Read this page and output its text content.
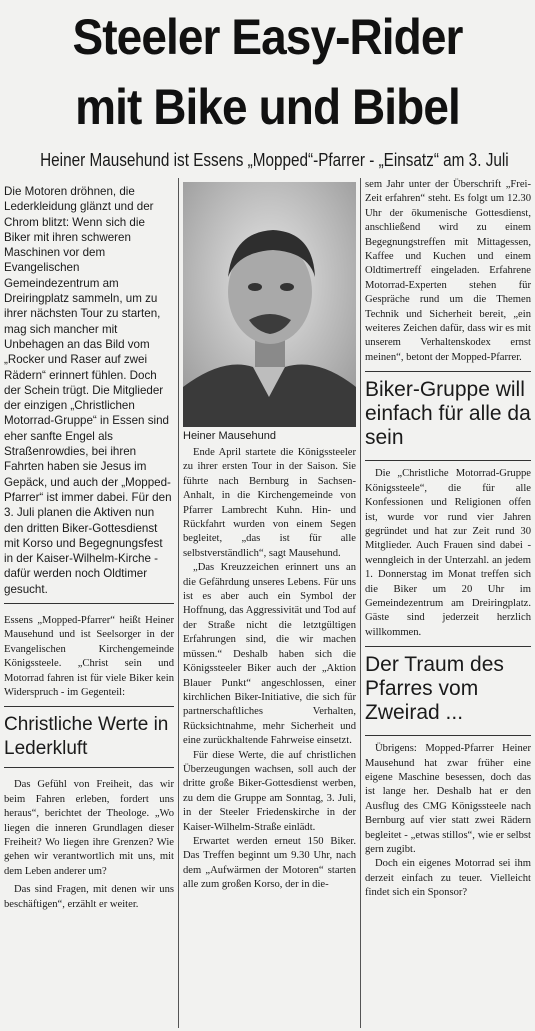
Steeler Easy-Rider
mit Bike und Bibel
Heiner Mausehund ist Essens „Mopped“-Pfarrer - „Einsatz“ am 3. Juli

Die Motoren dröhnen, die Lederkleidung glänzt und der Chrom blitzt: Wenn sich die Biker mit ihren schweren Maschinen vor dem Evangelischen Gemeindezentrum am Dreiringplatz sammeln, um zu ihrer nächsten Tour zu starten, mag sich mancher mit Unbehagen an das Bild vom „Rocker und Raser auf zwei Rädern“ erinnert fühlen. Doch der Schein trügt. Die Mitglieder der einzigen „Christlichen Motorrad-Gruppe“ in Essen sind eher sanfte Engel als Straßenrowdies, bei ihren Fahrten haben sie Jesus im Gepäck, und auch der „Mopped-Pfarrer“ ist immer dabei. Für den 3. Juli planen die Aktiven nun den dritten Biker-Gottesdienst mit Korso und Begegnungsfest in der Kaiser-Wilhelm-Kirche - dafür werden noch Oldtimer gesucht.

Essens „Mopped-Pfarrer“ heißt Heiner Mausehund und ist Seelsorger in der Evangelischen Kirchengemeinde Königssteele. „Christ sein und Motorrad fahren ist für viele Biker kein Widerspruch - im Gegenteil:

Christliche Werte in Lederkluft

Das Gefühl von Freiheit, das wir beim Fahren erleben, fordert uns heraus“, berichtet der Theologe. „Wo liegen die inneren Grundlagen dieser Freiheit? Wo liegen ihre Grenzen? Wie gehen wir verantwortlich mit uns, mit dem Leben anderer um?

Das sind Fragen, mit denen wir uns beschäftigen“, erzählt er weiter.

Heiner Mausehund

Ende April startete die Königssteeler zu ihrer ersten Tour in der Saison. Sie führte nach Bernburg in Sachsen-Anhalt, in die Kirchengemeinde von Pfarrer Lambrecht Kuhn. Hin- und Rückfahrt wurden von einem Segen begleitet, „das ist für alle selbstverständlich“, sagt Mausehund.

„Das Kreuzzeichen erinnert uns an die Gefährdung unseres Lebens. Für uns ist es aber auch ein Symbol der Hoffnung, das Aggressivität und Tod auf der Straße nicht die letztgültigen Erfahrungen sind, die wir machen müssen.“ Deshalb haben sich die Königssteeler Biker auch der „Aktion Blauer Punkt“ angeschlossen, einer kirchlichen Biker-Initiative, die sich für partnerschaftliches Verhalten, Rücksichtnahme, mehr Sicherheit und eine zurückhaltende Fahrweise einsetzt.

Für diese Werte, die auf christlichen Überzeugungen wachsen, soll auch der dritte große Biker-Gottesdienst werben, zu dem die Gruppe am Sonntag, 3. Juli, in der Steeler Friedenskirche in der Kaiser-Wilhelm-Straße einlädt.

Erwartet werden erneut 150 Biker. Das Treffen beginnt um 9.30 Uhr, nach dem „Aufwärmen der Motoren“ starten alle zum großen Korso, der in die-

sem Jahr unter der Überschrift „Frei-Zeit erfahren“ steht. Es folgt um 12.30 Uhr der ökumenische Gottesdienst, anschließend wird zu einem Begegnungstreffen mit Mittagessen, Kaffee und Kuchen und einem Oldtimertreff eingeladen. Erfahrene Motorrad-Experten stehen für Gespräche rund um die Themen Technik und Sicherheit bereit, „ein weiteres Zeichen dafür, dass wir es mit unserem Verhaltenskodex ernst meinen“, betont der Mopped-Pfarrer.

Biker-Gruppe will einfach für alle da sein

Die „Christliche Motorrad-Gruppe Königssteele“, die für alle Konfessionen und Religionen offen ist, wurde vor rund vier Jahren gegründet und hat zur Zeit rund 30 Mitglieder. Auch Frauen sind dabei - wenngleich in der Unterzahl. an jedem 1. Donnerstag im Monat treffen sich die Biker um 20 Uhr im Gemeindezentrum am Dreiringplatz. Gäste sind jederzeit herzlich willkommen.

Der Traum des Pfarres vom Zweirad ...

Übrigens: Mopped-Pfarrer Heiner Mausehund hat zwar früher eine eigene Maschine besessen, doch das ist lange her. Deshalb hat er den Ausflug des CMG Königssteele nach Bernburg auf vier statt zwei Rädern begleitet - „etwas stillos“, wie er selbst gern zugibt.

Doch ein eigenes Motorrad sei ihm derzeit einfach zu teuer. Vielleicht findet sich ein Sponsor?
